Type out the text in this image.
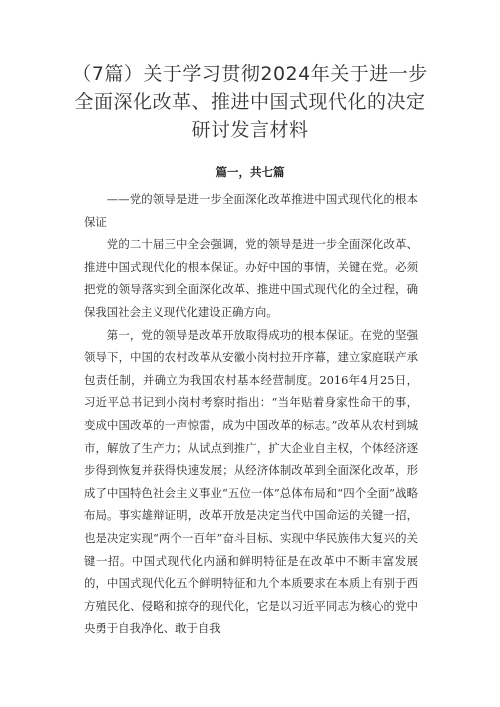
（7篇）关于学习贯彻2024年关于进一步
全面深化改革、推进中国式现代化的决定
研讨发言材料
篇一，共七篇

——党的领导是进一步全面深化改革推进中国式现代化的根本保证

党的二十届三中全会强调，党的领导是进一步全面深化改革、推进中国式现代化的根本保证。办好中国的事情，关键在党。必须把党的领导落实到全面深化改革、推进中国式现代化的全过程，确保我国社会主义现代化建设正确方向。

第一，党的领导是改革开放取得成功的根本保证。在党的坚强领导下，中国的农村改革从安徽小岗村拉开序幕，建立家庭联产承包责任制，并确立为我国农村基本经营制度。2016年4月25日，习近平总书记到小岗村考察时指出：“当年贴着身家性命干的事，变成中国改革的一声惊雷，成为中国改革的标志。”改革从农村到城市，解放了生产力；从试点到推广，扩大企业自主权，个体经济逐步得到恢复并获得快速发展；从经济体制改革到全面深化改革，形成了中国特色社会主义事业“五位一体”总体布局和“四个全面”战略布局。事实雄辩证明，改革开放是决定当代中国命运的关键一招，也是决定实现“两个一百年”奋斗目标、实现中华民族伟大复兴的关键一招。中国式现代化内涵和鲜明特征是在改革中不断丰富发展的，中国式现代化五个鲜明特征和九个本质要求在本质上有别于西方殖民化、侵略和掠夺的现代化，它是以习近平同志为核心的党中央勇于自我净化、敢于自我
